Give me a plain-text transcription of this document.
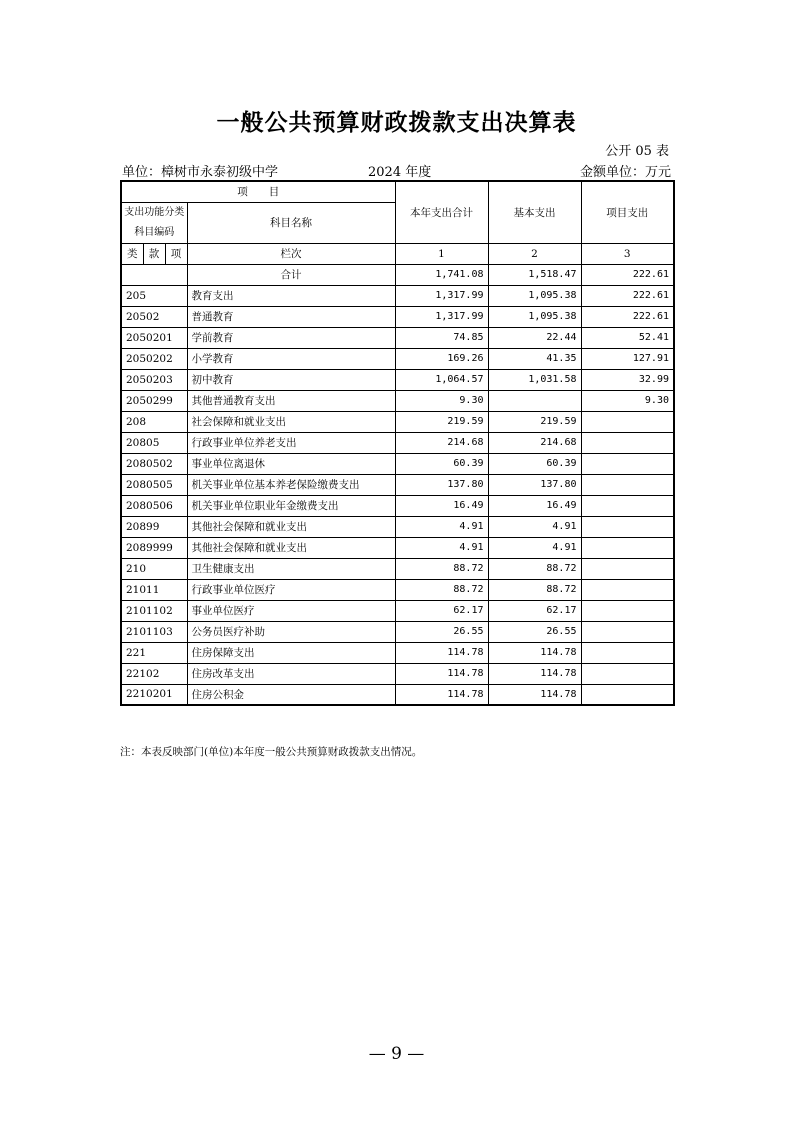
一般公共预算财政拨款支出决算表
公开 05 表
单位：樟树市永泰初级中学	2024 年度	金额单位：万元
项　　目				本年支出合计	基本支出	项目支出
支出功能分类科目编码			科目名称			
类	款	项			
			栏次	1	2	3
			合计	1,741.08	1,518.47	222.61
205			教育支出	1,317.99	1,095.38	222.61
20502			普通教育	1,317.99	1,095.38	222.61
2050201			学前教育	74.85	22.44	52.41
2050202			小学教育	169.26	41.35	127.91
2050203			初中教育	1,064.57	1,031.58	32.99
2050299			其他普通教育支出	9.30		9.30
208			社会保障和就业支出	219.59	219.59	
20805			行政事业单位养老支出	214.68	214.68	
2080502			事业单位离退休	60.39	60.39	
2080505			机关事业单位基本养老保险缴费支出	137.80	137.80	
2080506			机关事业单位职业年金缴费支出	16.49	16.49	
20899			其他社会保障和就业支出	4.91	4.91	
2089999			其他社会保障和就业支出	4.91	4.91	
210			卫生健康支出	88.72	88.72	
21011			行政事业单位医疗	88.72	88.72	
2101102			事业单位医疗	62.17	62.17	
2101103			公务员医疗补助	26.55	26.55	
221			住房保障支出	114.78	114.78	
22102			住房改革支出	114.78	114.78	
2210201			住房公积金	114.78	114.78	
注：本表反映部门(单位)本年度一般公共预算财政拨款支出情况。
— 9 —
